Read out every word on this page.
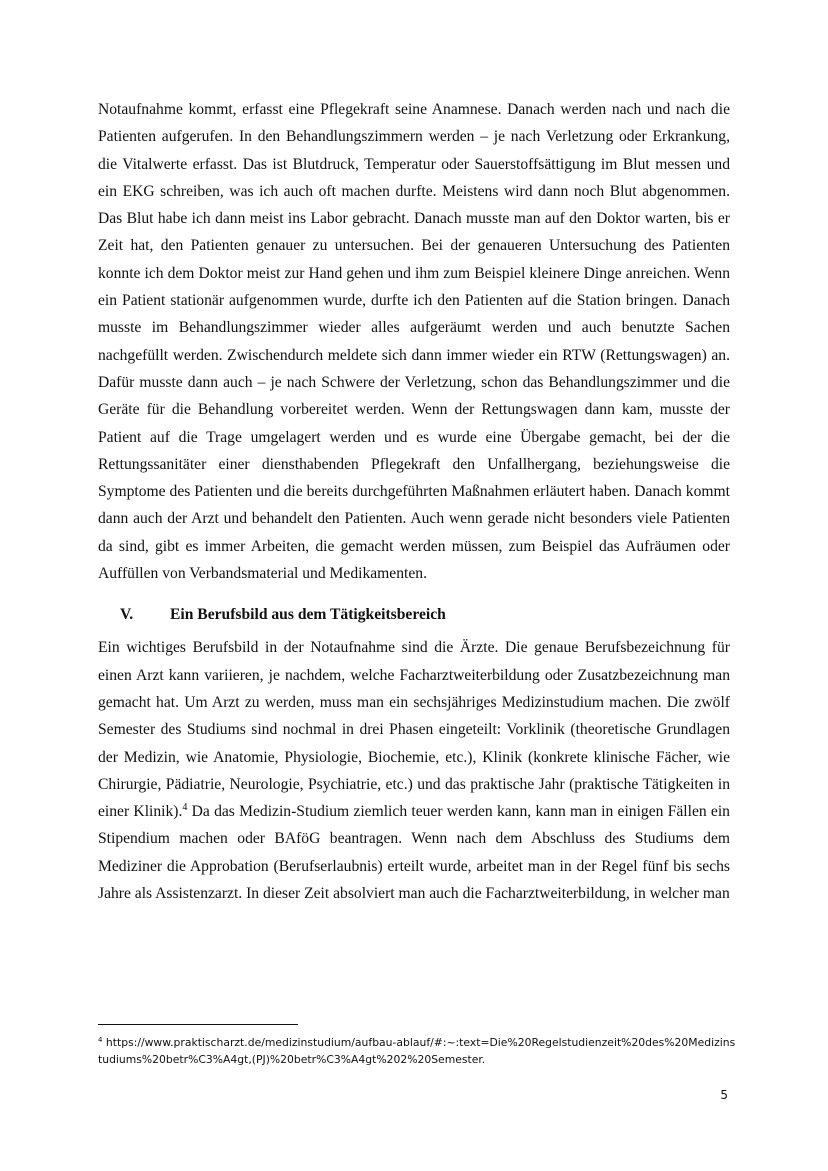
Notaufnahme kommt, erfasst eine Pflegekraft seine Anamnese. Danach werden nach und nach die Patienten aufgerufen. In den Behandlungszimmern werden – je nach Verletzung oder Erkrankung, die Vitalwerte erfasst. Das ist Blutdruck, Temperatur oder Sauerstoffsättigung im Blut messen und ein EKG schreiben, was ich auch oft machen durfte. Meistens wird dann noch Blut abgenommen. Das Blut habe ich dann meist ins Labor gebracht. Danach musste man auf den Doktor warten, bis er Zeit hat, den Patienten genauer zu untersuchen. Bei der genaueren Untersuchung des Patienten konnte ich dem Doktor meist zur Hand gehen und ihm zum Beispiel kleinere Dinge anreichen. Wenn ein Patient stationär aufgenommen wurde, durfte ich den Patienten auf die Station bringen. Danach musste im Behandlungszimmer wieder alles aufgeräumt werden und auch benutzte Sachen nachgefüllt werden. Zwischendurch meldete sich dann immer wieder ein RTW (Rettungswagen) an. Dafür musste dann auch – je nach Schwere der Verletzung, schon das Behandlungszimmer und die Geräte für die Behandlung vorbereitet werden. Wenn der Rettungswagen dann kam, musste der Patient auf die Trage umgelagert werden und es wurde eine Übergabe gemacht, bei der die Rettungssanitäter einer diensthabenden Pflegekraft den Unfallhergang, beziehungsweise die Symptome des Patienten und die bereits durchgeführten Maßnahmen erläutert haben. Danach kommt dann auch der Arzt und behandelt den Patienten. Auch wenn gerade nicht besonders viele Patienten da sind, gibt es immer Arbeiten, die gemacht werden müssen, zum Beispiel das Aufräumen oder Auffüllen von Verbandsmaterial und Medikamenten.

V.	Ein Berufsbild aus dem Tätigkeitsbereich

Ein wichtiges Berufsbild in der Notaufnahme sind die Ärzte. Die genaue Berufsbezeichnung für einen Arzt kann variieren, je nachdem, welche Facharztweiterbildung oder Zusatzbezeichnung man gemacht hat. Um Arzt zu werden, muss man ein sechsjähriges Medizinstudium machen. Die zwölf Semester des Studiums sind nochmal in drei Phasen eingeteilt: Vorklinik (theoretische Grundlagen der Medizin, wie Anatomie, Physiologie, Biochemie, etc.), Klinik (konkrete klinische Fächer, wie Chirurgie, Pädiatrie, Neurologie, Psychiatrie, etc.) und das praktische Jahr (praktische Tätigkeiten in einer Klinik).$^4$ Da das Medizin-Studium ziemlich teuer werden kann, kann man in einigen Fällen ein Stipendium machen oder BAföG beantragen. Wenn nach dem Abschluss des Studiums dem Mediziner die Approbation (Berufserlaubnis) erteilt wurde, arbeitet man in der Regel fünf bis sechs Jahre als Assistenzarzt. In dieser Zeit absolviert man auch die Facharztweiterbildung, in welcher man

$^4$ https://www.praktischarzt.de/medizinstudium/aufbau-ablauf/#:~:text=Die%20Regelstudienzeit%20des%20Medizinstudiums%20betr%C3%A4gt,(PJ)%20betr%C3%A4gt%202%20Semester.
5
